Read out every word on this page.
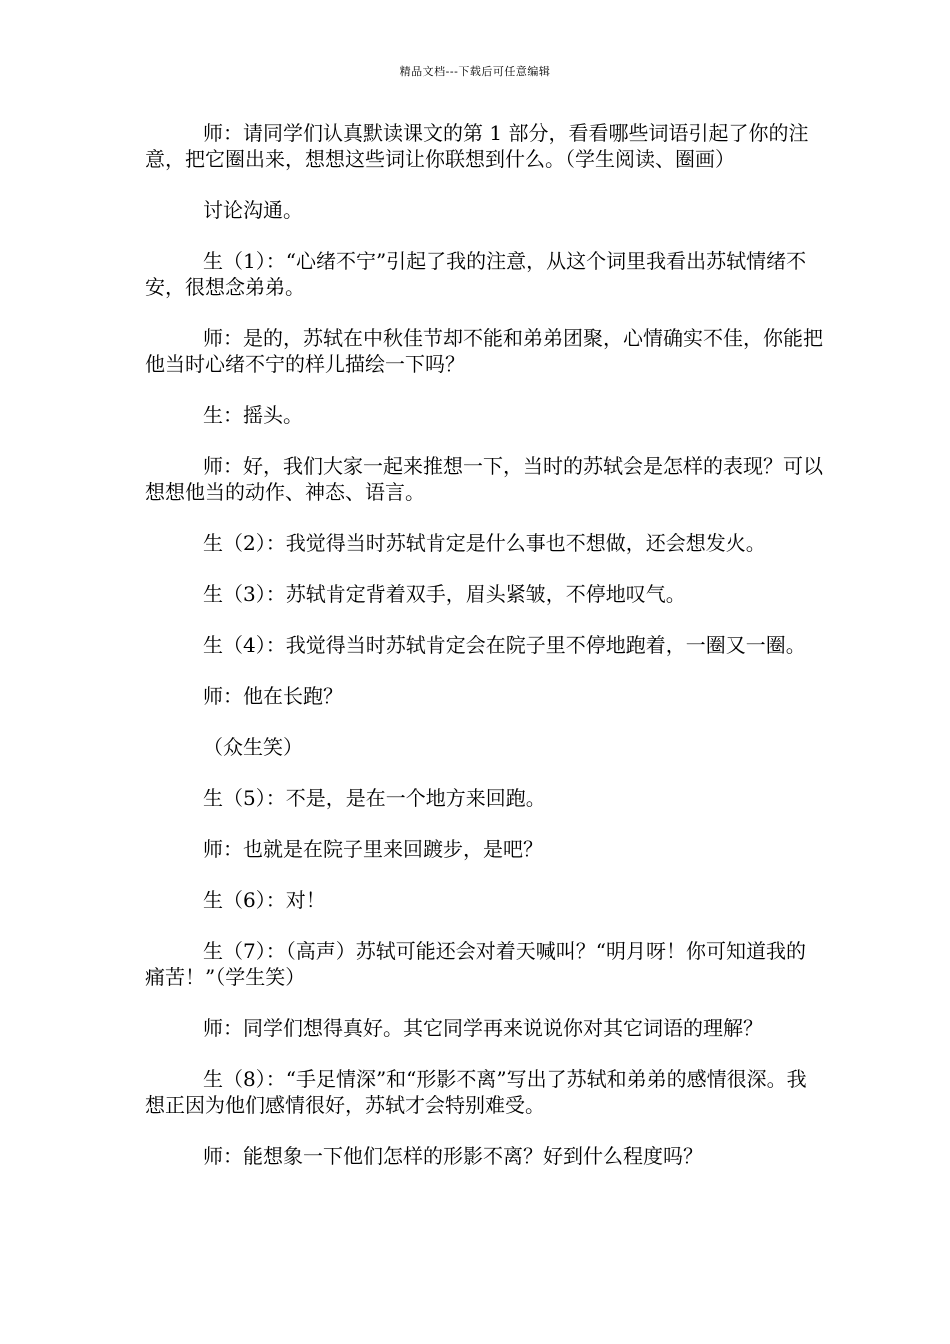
精品文档---下载后可任意编辑

师：请同学们认真默读课文的第 1 部分，看看哪些词语引起了你的注意，把它圈出来，想想这些词让你联想到什么。（学生阅读、圈画）

讨论沟通。

生（1）：“心绪不宁”引起了我的注意，从这个词里我看出苏轼情绪不安，很想念弟弟。

师：是的，苏轼在中秋佳节却不能和弟弟团聚，心情确实不佳，你能把他当时心绪不宁的样儿描绘一下吗？

生：摇头。

师：好，我们大家一起来推想一下，当时的苏轼会是怎样的表现？可以想想他当的动作、神态、语言。

生（2）：我觉得当时苏轼肯定是什么事也不想做，还会想发火。

生（3）：苏轼肯定背着双手，眉头紧皱，不停地叹气。

生（4）：我觉得当时苏轼肯定会在院子里不停地跑着，一圈又一圈。

师：他在长跑？

（众生笑）

生（5）：不是，是在一个地方来回跑。

师：也就是在院子里来回踱步，是吧？

生（6）：对！

生（7）：（高声）苏轼可能还会对着天喊叫？“明月呀！你可知道我的痛苦！”（学生笑）

师：同学们想得真好。其它同学再来说说你对其它词语的理解？

生（8）：“手足情深”和“形影不离”写出了苏轼和弟弟的感情很深。我想正因为他们感情很好，苏轼才会特别难受。

师：能想象一下他们怎样的形影不离？好到什么程度吗？
